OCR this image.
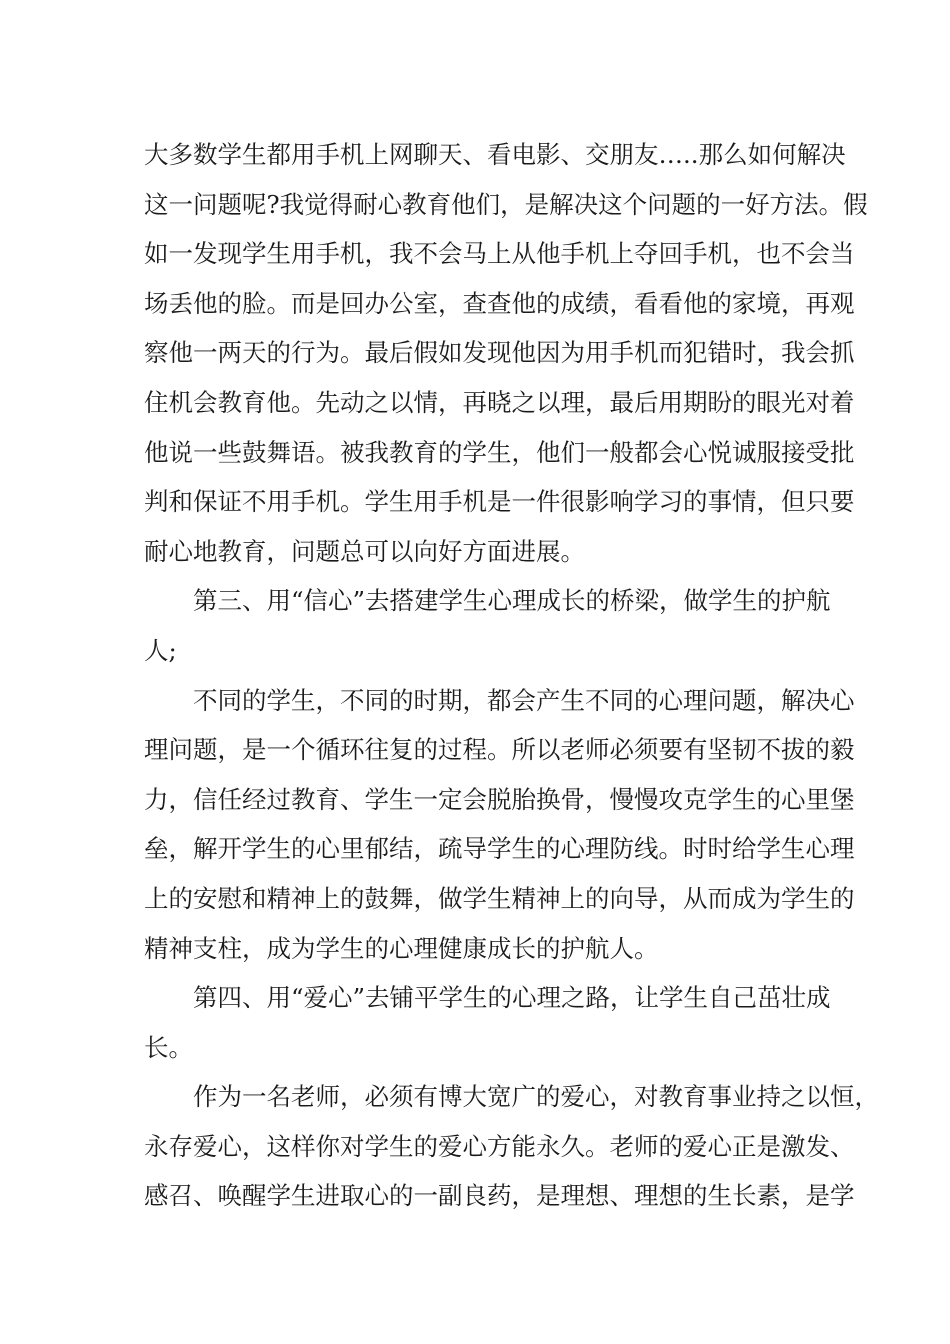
大多数学生都用手机上网聊天、看电影、交朋友…..那么如何解决
这一问题呢?我觉得耐心教育他们，是解决这个问题的一好方法。假
如一发现学生用手机，我不会马上从他手机上夺回手机，也不会当
场丢他的脸。而是回办公室，查查他的成绩，看看他的家境，再观
察他一两天的行为。最后假如发现他因为用手机而犯错时，我会抓
住机会教育他。先动之以情，再晓之以理，最后用期盼的眼光对着
他说一些鼓舞语。被我教育的学生，他们一般都会心悦诚服接受批
判和保证不用手机。学生用手机是一件很影响学习的事情，但只要
耐心地教育，问题总可以向好方面进展。
第三、用“信心”去搭建学生心理成长的桥梁，做学生的护航
人;
不同的学生，不同的时期，都会产生不同的心理问题，解决心
理问题，是一个循环往复的过程。所以老师必须要有坚韧不拔的毅
力，信任经过教育、学生一定会脱胎换骨，慢慢攻克学生的心里堡
垒，解开学生的心里郁结，疏导学生的心理防线。时时给学生心理
上的安慰和精神上的鼓舞，做学生精神上的向导，从而成为学生的
精神支柱，成为学生的心理健康成长的护航人。
第四、用“爱心”去铺平学生的心理之路，让学生自己茁壮成
长。
作为一名老师，必须有博大宽广的爱心，对教育事业持之以恒，
永存爱心，这样你对学生的爱心方能永久。老师的爱心正是激发、
感召、唤醒学生进取心的一副良药，是理想、理想的生长素，是学
